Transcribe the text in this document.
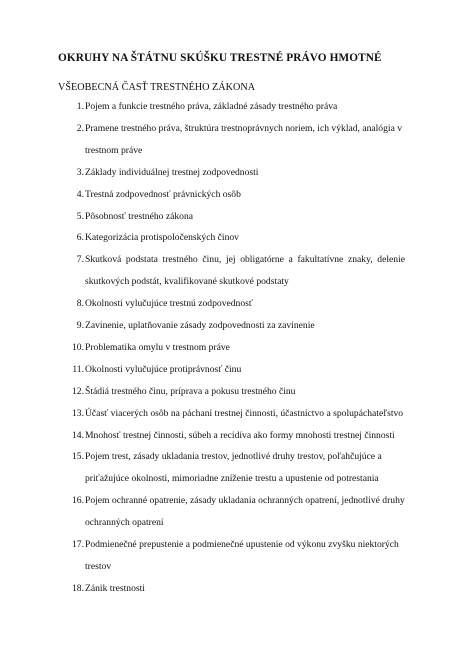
OKRUHY NA ŠTÁTNU SKÚŠKU TRESTNÉ PRÁVO HMOTNÉ
VŠEOBECNÁ ČASŤ TRESTNÉHO ZÁKONA
1. Pojem a funkcie trestného práva, základné zásady trestného práva
2. Pramene trestného práva, štruktúra trestnoprávnych noriem, ich výklad, analógia v
trestnom práve
3. Základy individuálnej trestnej zodpovednosti
4. Trestná zodpovednosť právnických osôb
5. Pôsobnosť trestného zákona
6. Kategorizácia protispoločenských činov
7. Skutková podstata trestného činu, jej obligatórne a fakultatívne znaky, delenie
skutkových podstát, kvalifikované skutkové podstaty
8. Okolnosti vylučujúce trestnú zodpovednosť
9. Zavinenie, uplatňovanie zásady zodpovednosti za zavinenie
10. Problematika omylu v trestnom práve
11. Okolnosti vylučujúce protiprávnosť činu
12. Štádiá trestného činu, príprava a pokusu trestného činu
13. Účasť viacerých osôb na páchaní trestnej činnosti, účastníctvo a spolupáchateľstvo
14. Mnohosť trestnej činnosti, súbeh a recidíva ako formy mnohosti trestnej činnosti
15. Pojem trest, zásady ukladania trestov, jednotlivé druhy trestov, poľahčujúce a
priťažujúce okolnosti, mimoriadne zníženie trestu a upustenie od potrestania
16. Pojem ochranné opatrenie, zásady ukladania ochranných opatrení, jednotlivé druhy
ochranných opatrení
17. Podmienečné prepustenie a podmienečné upustenie od výkonu zvyšku niektorých
trestov
18. Zánik trestnosti
